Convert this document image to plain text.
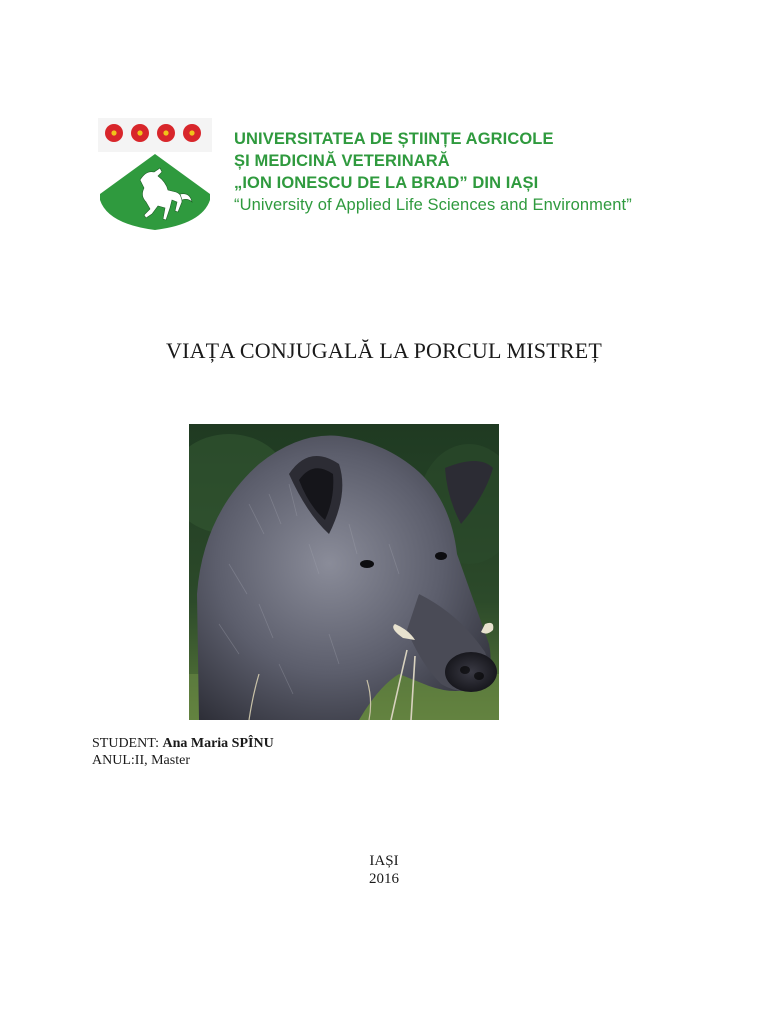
UNIVERSITATEA DE ȘTIINȚE AGRICOLE
ȘI MEDICINĂ VETERINARĂ
„ION IONESCU DE LA BRAD” DIN IAȘI
“University of Applied Life Sciences and Environment”
VIAȚA CONJUGALĂ LA PORCUL MISTREȚ
STUDENT: Ana Maria SPÎNU
ANUL:II, Master
IAȘI
2016
